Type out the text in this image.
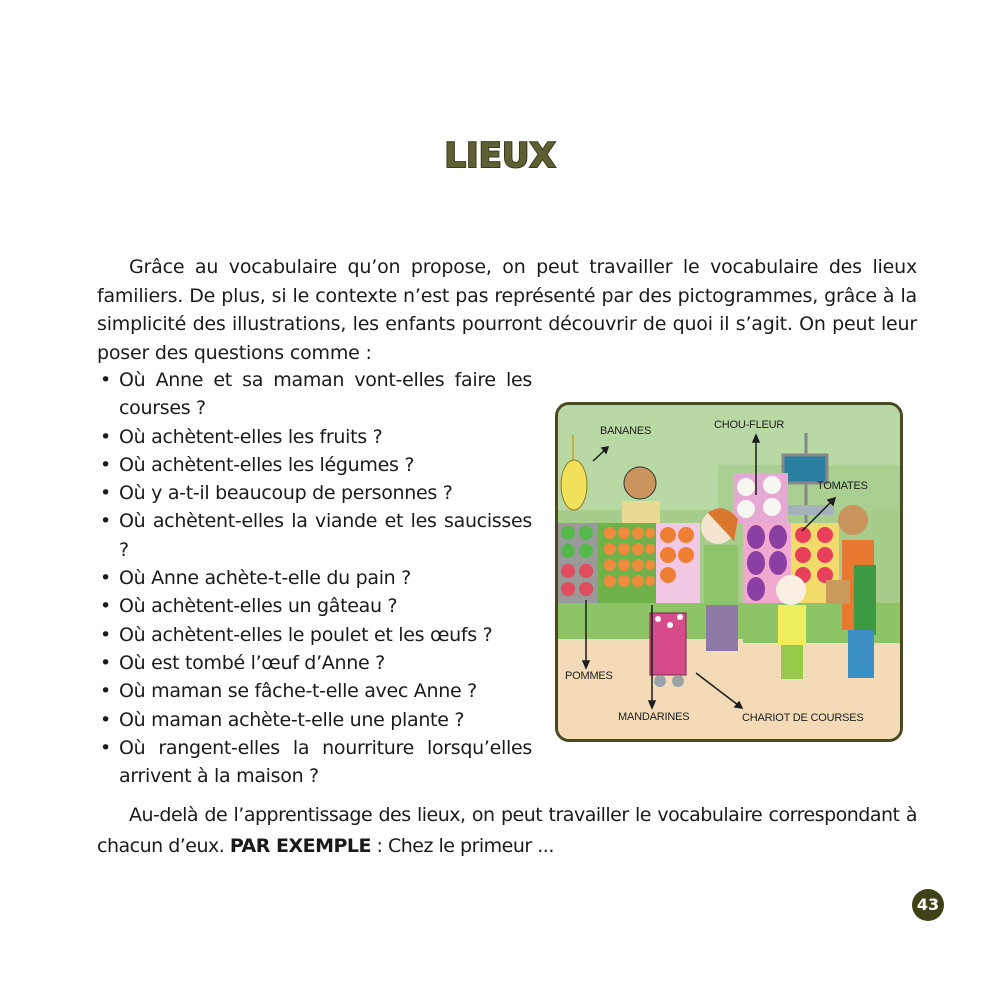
LIEUX

Grâce au vocabulaire qu’on propose, on peut travailler le vocabulaire des lieux familiers. De plus, si le contexte n’est pas représenté par des pictogrammes, grâce à la simplicité des illustrations, les enfants pourront découvrir de quoi il s’agit. On peut leur poser des questions comme :

• Où Anne et sa maman vont-elles faire les courses ?
• Où achètent-elles les fruits ?
• Où achètent-elles les légumes ?
• Où y a-t-il beaucoup de personnes ?
• Où achètent-elles la viande et les saucisses ?
• Où Anne achète-t-elle du pain ?
• Où achètent-elles un gâteau ?
• Où achètent-elles le poulet et les œufs ?
• Où est tombé l’œuf d’Anne ?
• Où maman se fâche-t-elle avec Anne ?
• Où maman achète-t-elle une plante ?
• Où rangent-elles la nourriture lorsqu’elles arrivent à la maison ?
BANANES	CHOU-FLEUR
TOMATES
POMMES
MANDARINES	CHARIOT DE COURSES

Au-delà de l’apprentissage des lieux, on peut travailler le vocabulaire correspondant à chacun d’eux. PAR EXEMPLE : Chez le primeur ...

43
